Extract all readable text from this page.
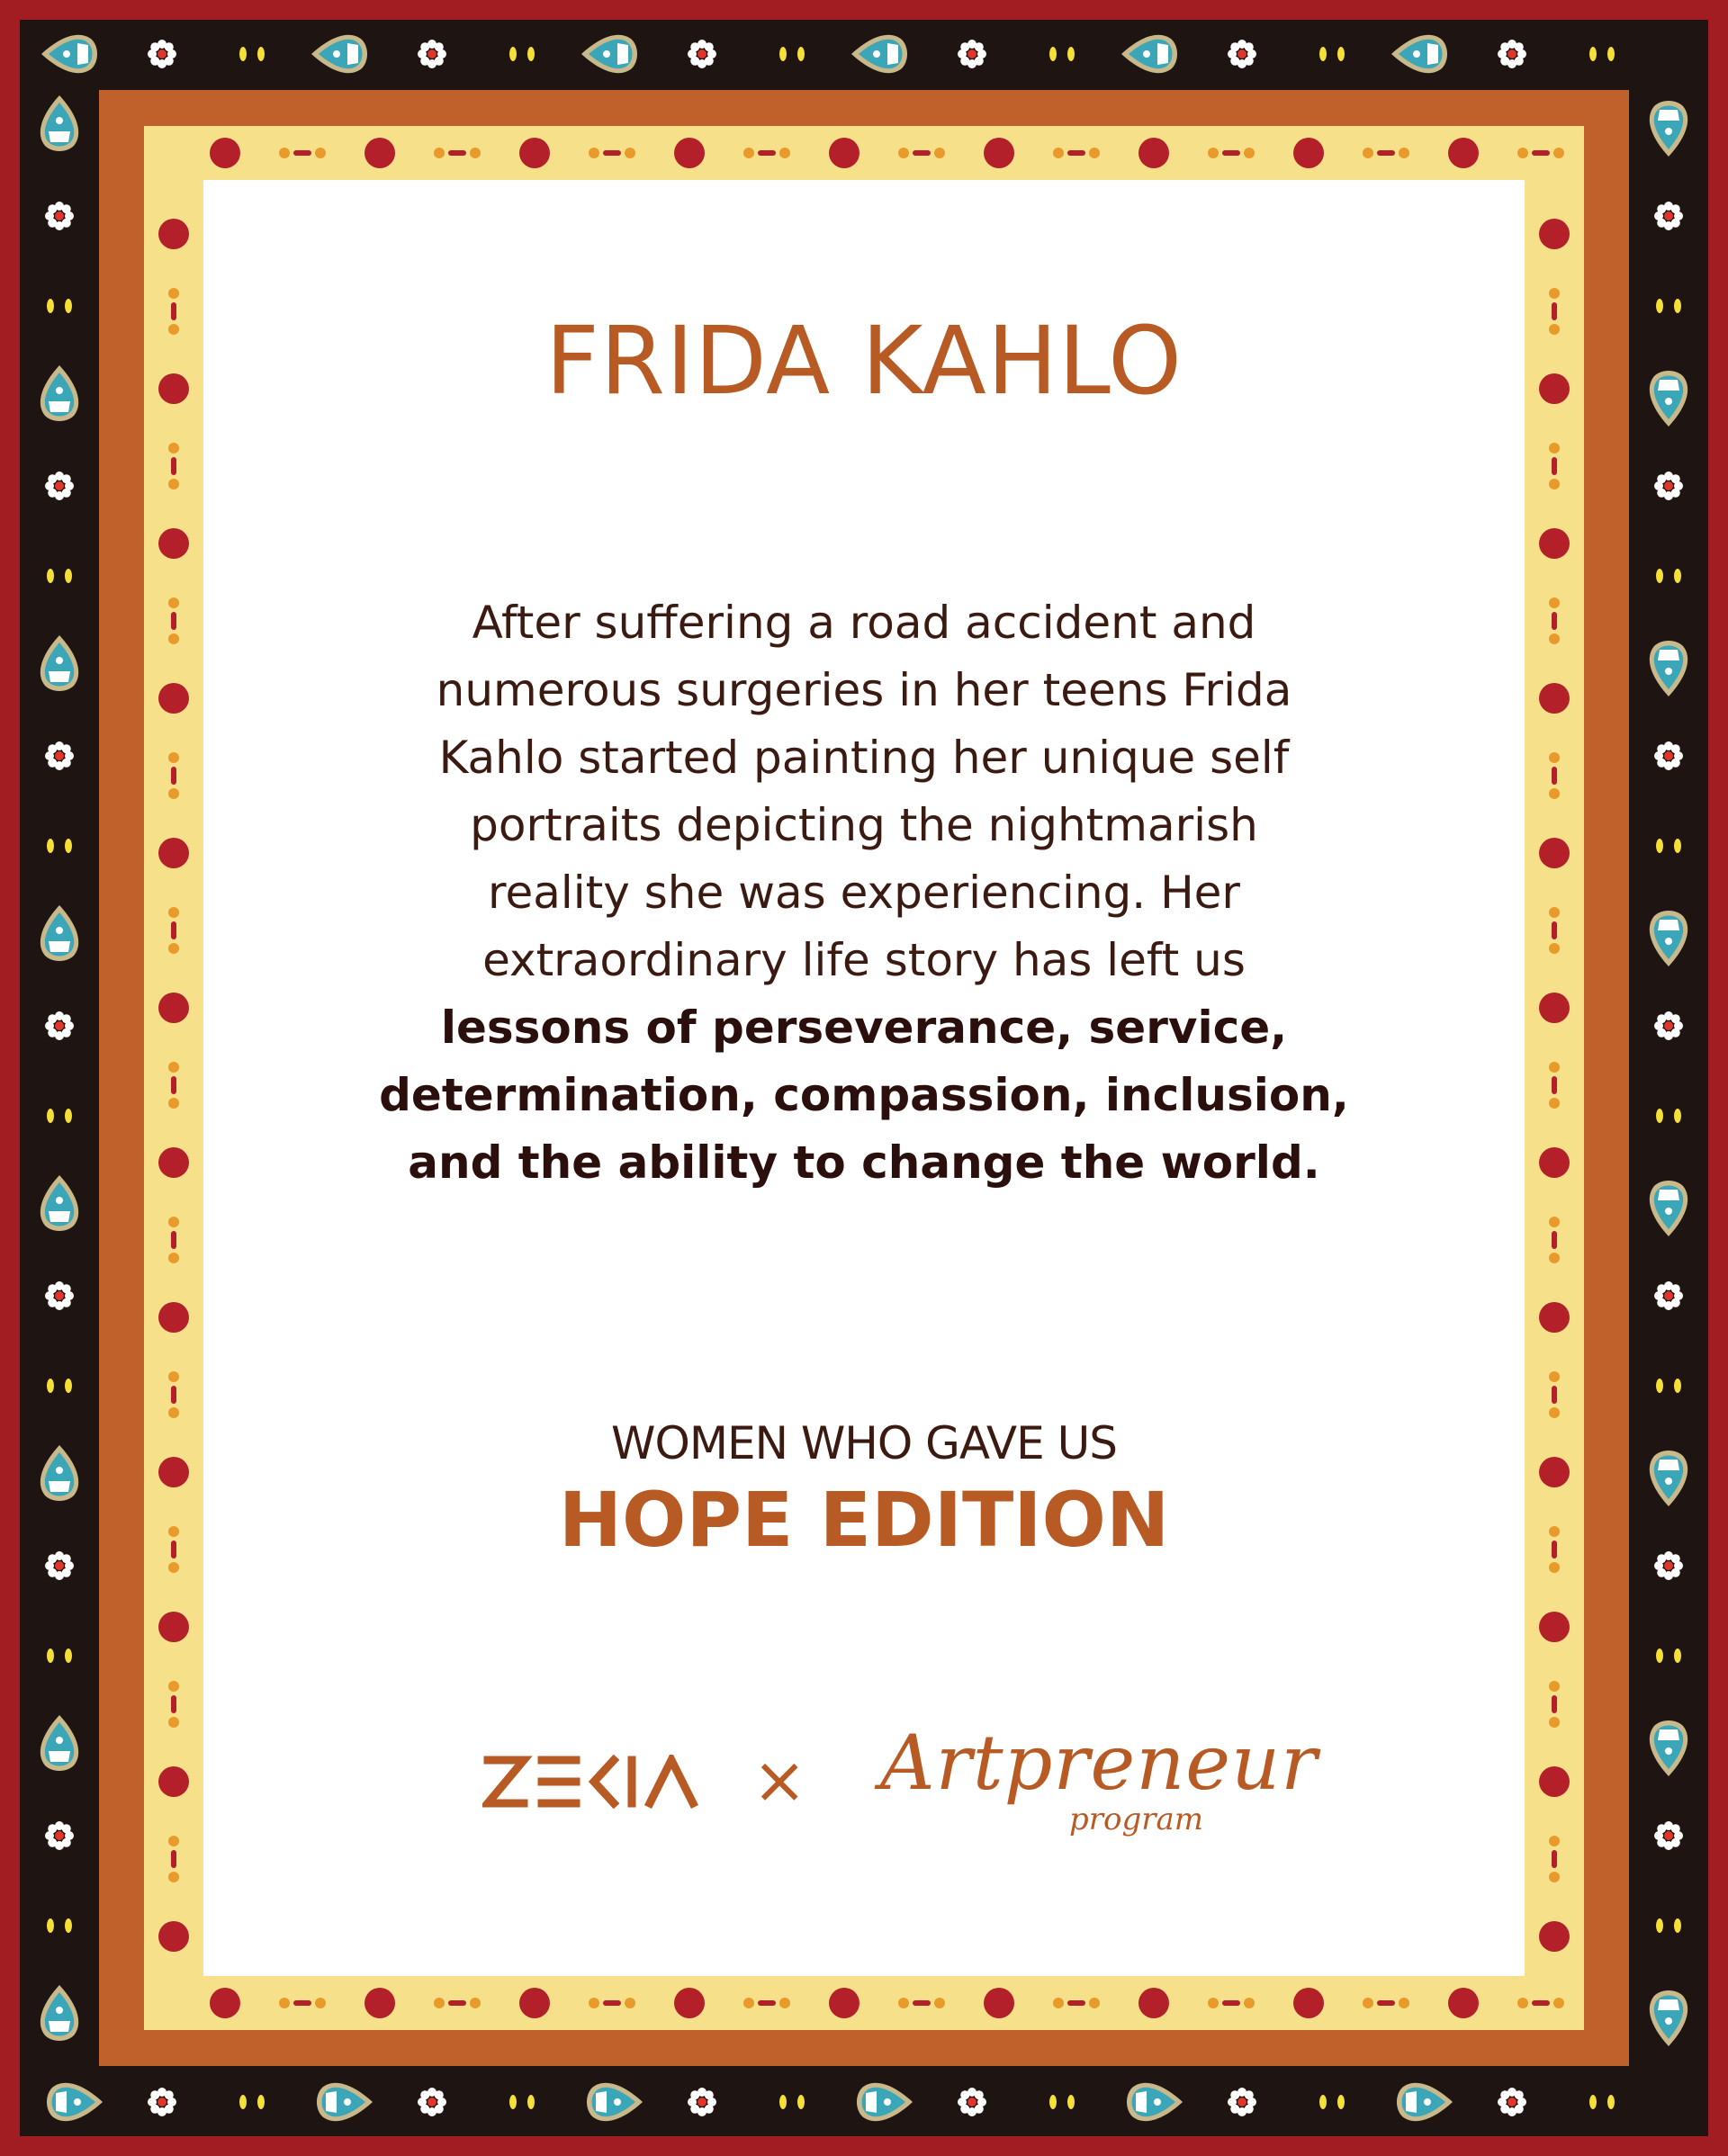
FRIDA KAHLO
After suffering a road accident and
numerous surgeries in her teens Frida
Kahlo started painting her unique self
portraits depicting the nightmarish
reality she was experiencing. Her
extraordinary life story has left us
lessons of perseverance, service,
determination, compassion, inclusion,
and the ability to change the world.
WOMEN WHO GAVE US
HOPE EDITION
× Artpreneur
program
